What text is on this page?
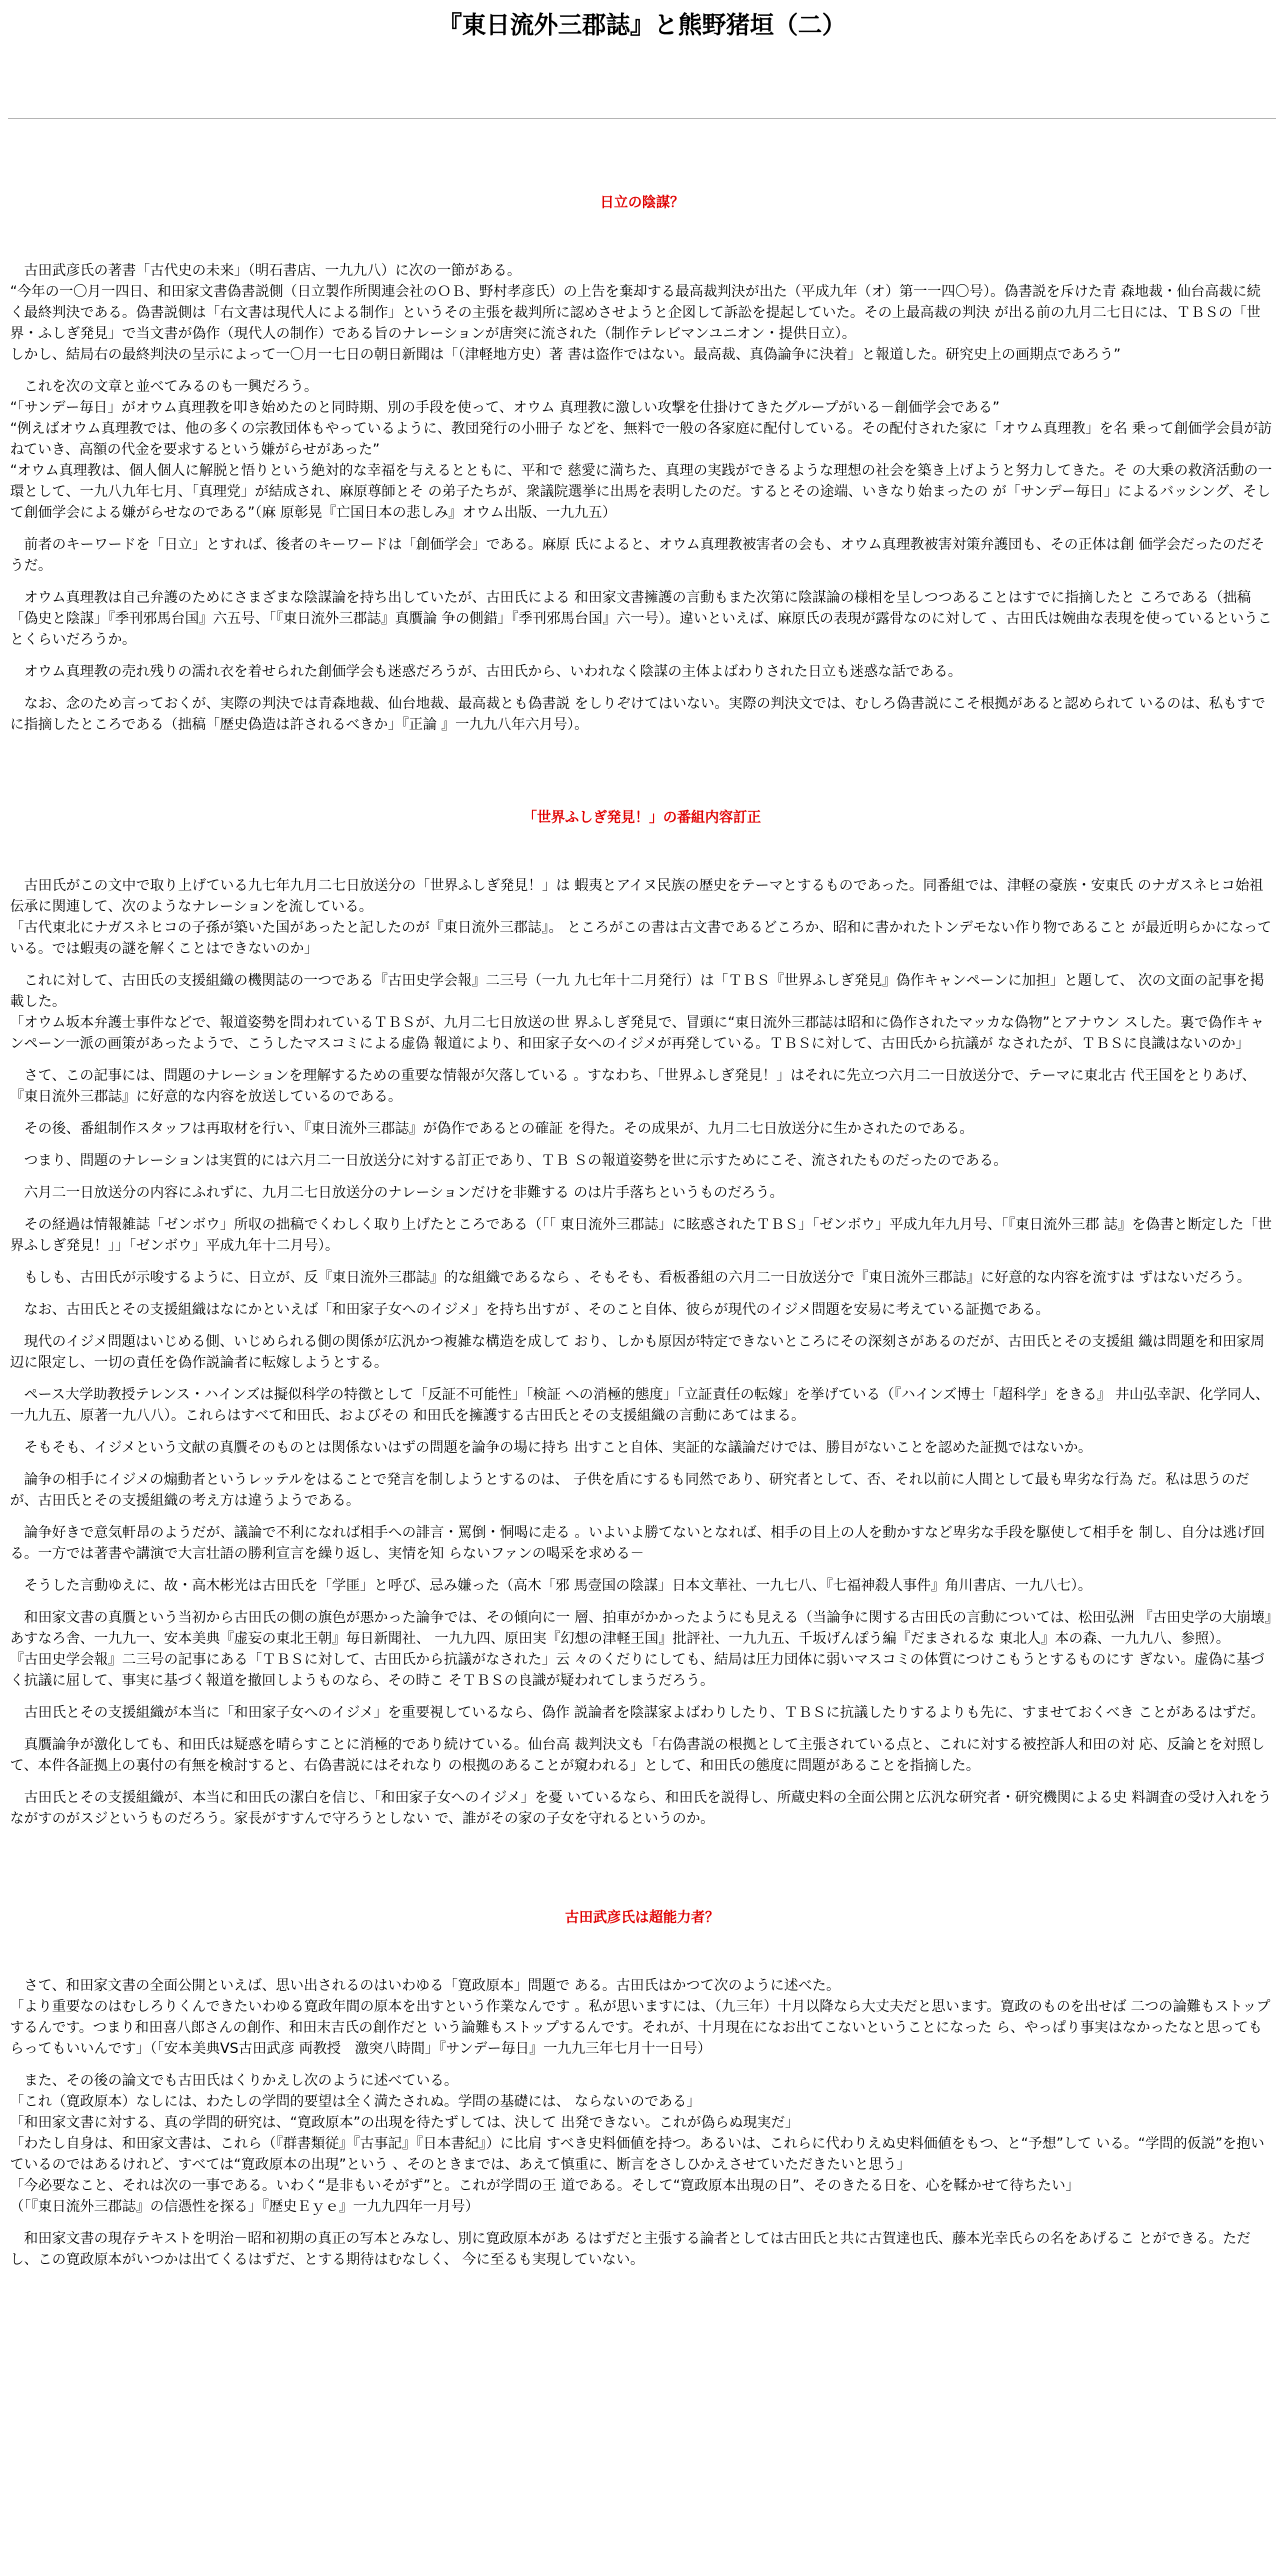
『東日流外三郡誌』と熊野猪垣（二）
日立の陰謀？

　古田武彦氏の著書「古代史の未来」（明石書店、一九九八）に次の一節がある。
“今年の一〇月一四日、和田家文書偽書説側（日立製作所関連会社のＯＢ、野村孝彦氏）の上告を棄却する最高裁判決が出た（平成九年（オ）第一一四〇号）。偽書説を斥けた青 森地裁・仙台高裁に続く最終判決である。偽書説側は「右文書は現代人による制作」というその主張を裁判所に認めさせようと企図して訴訟を提起していた。その上最高裁の判決 が出る前の九月二七日には、ＴＢＳの「世界・ふしぎ発見」で当文書が偽作（現代人の制作）である旨のナレーションが唐突に流された（制作テレビマンユニオン・提供日立）。
しかし、結局右の最終判決の呈示によって一〇月一七日の朝日新聞は「（津軽地方史）著 書は盗作ではない。最高裁、真偽論争に決着」と報道した。研究史上の画期点であろう”

　これを次の文章と並べてみるのも一興だろう。
“「サンデー毎日」がオウム真理教を叩き始めたのと同時期、別の手段を使って、オウム 真理教に激しい攻撃を仕掛けてきたグループがいる－創価学会である”
“例えばオウム真理教では、他の多くの宗教団体もやっているように、教団発行の小冊子 などを、無料で一般の各家庭に配付している。その配付された家に「オウム真理教」を名 乗って創価学会員が訪ねていき、高額の代金を要求するという嫌がらせがあった”
“オウム真理教は、個人個人に解脱と悟りという絶対的な幸福を与えるとともに、平和で 慈愛に満ちた、真理の実践ができるような理想の社会を築き上げようと努力してきた。そ の大乗の救済活動の一環として、一九八九年七月、「真理党」が結成され、麻原尊師とそ の弟子たちが、衆議院選挙に出馬を表明したのだ。するとその途端、いきなり始まったの が「サンデー毎日」によるバッシング、そして創価学会による嫌がらせなのである”（麻 原彰晃『亡国日本の悲しみ』オウム出版、一九九五）

　前者のキーワードを「日立」とすれば、後者のキーワードは「創価学会」である。麻原 氏によると、オウム真理教被害者の会も、オウム真理教被害対策弁護団も、その正体は創 価学会だったのだそうだ。

　オウム真理教は自己弁護のためにさまざまな陰謀論を持ち出していたが、古田氏による 和田家文書擁護の言動もまた次第に陰謀論の様相を呈しつつあることはすでに指摘したと ころである（拙稿「偽史と陰謀」『季刊邪馬台国』六五号、「『東日流外三郡誌』真贋論 争の側錯」『季刊邪馬台国』六一号）。違いといえば、麻原氏の表現が露骨なのに対して 、古田氏は婉曲な表現を使っているということくらいだろうか。

　オウム真理教の売れ残りの濡れ衣を着せられた創価学会も迷惑だろうが、古田氏から、いわれなく陰謀の主体よばわりされた日立も迷惑な話である。

　なお、念のため言っておくが、実際の判決では青森地裁、仙台地裁、最高裁とも偽書説 をしりぞけてはいない。実際の判決文では、むしろ偽書説にこそ根拠があると認められて いるのは、私もすでに指摘したところである（拙稿「歴史偽造は許されるべきか」『正論 』一九九八年六月号）。

「世界ふしぎ発見！」の番組内容訂正

　古田氏がこの文中で取り上げている九七年九月二七日放送分の「世界ふしぎ発見！」は 蝦夷とアイヌ民族の歴史をテーマとするものであった。同番組では、津軽の豪族・安東氏 のナガスネヒコ始祖伝承に関連して、次のようなナレーションを流している。
「古代東北にナガスネヒコの子孫が築いた国があったと記したのが『東日流外三郡誌』。 ところがこの書は古文書であるどころか、昭和に書かれたトンデモない作り物であること が最近明らかになっている。では蝦夷の謎を解くことはできないのか」

　これに対して、古田氏の支援組織の機関誌の一つである『古田史学会報』二三号（一九 九七年十二月発行）は「ＴＢＳ『世界ふしぎ発見』偽作キャンペーンに加担」と題して、 次の文面の記事を掲載した。
「オウム坂本弁護士事件などで、報道姿勢を問われているＴＢＳが、九月二七日放送の世 界ふしぎ発見で、冒頭に“東日流外三郡誌は昭和に偽作されたマッカな偽物”とアナウン スした。裏で偽作キャンペーン一派の画策があったようで、こうしたマスコミによる虚偽 報道により、和田家子女へのイジメが再発している。ＴＢＳに対して、古田氏から抗議が なされたが、ＴＢＳに良識はないのか」

　さて、この記事には、問題のナレーションを理解するための重要な情報が欠落している 。すなわち、「世界ふしぎ発見！」はそれに先立つ六月二一日放送分で、テーマに東北古 代王国をとりあげ、『東日流外三郡誌』に好意的な内容を放送しているのである。

　その後、番組制作スタッフは再取材を行い、『東日流外三郡誌』が偽作であるとの確証 を得た。その成果が、九月二七日放送分に生かされたのである。

　つまり、問題のナレーションは実質的には六月二一日放送分に対する訂正であり、ＴＢ Ｓの報道姿勢を世に示すためにこそ、流されたものだったのである。

　六月二一日放送分の内容にふれずに、九月二七日放送分のナレーションだけを非難する のは片手落ちというものだろう。

　その経過は情報雑誌「ゼンボウ」所収の拙稿でくわしく取り上げたところである（「「 東日流外三郡誌」に眩惑されたＴＢＳ」「ゼンボウ」平成九年九月号、「『東日流外三郡 誌』を偽書と断定した「世界ふしぎ発見！」」「ゼンボウ」平成九年十二月号）。

　もしも、古田氏が示唆するように、日立が、反『東日流外三郡誌』的な組織であるなら 、そもそも、看板番組の六月二一日放送分で『東日流外三郡誌』に好意的な内容を流すは ずはないだろう。

　なお、古田氏とその支援組織はなにかといえば「和田家子女へのイジメ」を持ち出すが 、そのこと自体、彼らが現代のイジメ問題を安易に考えている証拠である。

　現代のイジメ問題はいじめる側、いじめられる側の関係が広汎かつ複雑な構造を成して おり、しかも原因が特定できないところにその深刻さがあるのだが、古田氏とその支援組 織は問題を和田家周辺に限定し、一切の責任を偽作説論者に転嫁しようとする。

　ペース大学助教授テレンス・ハインズは擬似科学の特徴として「反証不可能性」「検証 への消極的態度」「立証責任の転嫁」を挙げている（『ハインズ博士「超科学」をきる』 井山弘幸訳、化学同人、一九九五、原著一九八八）。これらはすべて和田氏、およびその 和田氏を擁護する古田氏とその支援組織の言動にあてはまる。

　そもそも、イジメという文献の真贋そのものとは関係ないはずの問題を論争の場に持ち 出すこと自体、実証的な議論だけでは、勝目がないことを認めた証拠ではないか。

　論争の相手にイジメの煽動者というレッテルをはることで発言を制しようとするのは、 子供を盾にするも同然であり、研究者として、否、それ以前に人間として最も卑劣な行為 だ。私は思うのだが、古田氏とその支援組織の考え方は違うようである。

　論争好きで意気軒昂のようだが、議論で不利になれば相手への誹言・罵倒・恫喝に走る 。いよいよ勝てないとなれば、相手の目上の人を動かすなど卑劣な手段を駆使して相手を 制し、自分は逃げ回る。一方では著書や講演で大言壮語の勝利宣言を繰り返し、実情を知 らないファンの喝采を求める－

　そうした言動ゆえに、故・高木彬光は古田氏を「学匪」と呼び、忌み嫌った（高木「邪 馬壹国の陰謀」日本文華社、一九七八、『七福神殺人事件』角川書店、一九八七）。

　和田家文書の真贋という当初から古田氏の側の旗色が悪かった論争では、その傾向に一 層、拍車がかかったようにも見える（当論争に関する古田氏の言動については、松田弘洲 『古田史学の大崩壊』あすなろ舎、一九九一、安本美典『虚妄の東北王朝』毎日新聞社、 一九九四、原田実『幻想の津軽王国』批評社、一九九五、千坂げんぽう編『だまされるな 東北人』本の森、一九九八、参照）。
『古田史学会報』二三号の記事にある「ＴＢＳに対して、古田氏から抗議がなされた」云 々のくだりにしても、結局は圧力団体に弱いマスコミの体質につけこもうとするものにす ぎない。虚偽に基づく抗議に屈して、事実に基づく報道を撤回しようものなら、その時こ そＴＢＳの良識が疑われてしまうだろう。

　古田氏とその支援組織が本当に「和田家子女へのイジメ」を重要視しているなら、偽作 説論者を陰謀家よばわりしたり、ＴＢＳに抗議したりするよりも先に、すませておくべき ことがあるはずだ。

　真贋論争が激化しても、和田氏は疑惑を晴らすことに消極的であり続けている。仙台高 裁判決文も「右偽書説の根拠として主張されている点と、これに対する被控訴人和田の対 応、反論とを対照して、本件各証拠上の裏付の有無を検討すると、右偽書説にはそれなり の根拠のあることが窺われる」として、和田氏の態度に問題があることを指摘した。

　古田氏とその支援組織が、本当に和田氏の潔白を信じ、「和田家子女へのイジメ」を憂 いているなら、和田氏を説得し、所蔵史料の全面公開と広汎な研究者・研究機関による史 料調査の受け入れをうながすのがスジというものだろう。家長がすすんで守ろうとしない で、誰がその家の子女を守れるというのか。

古田武彦氏は超能力者？

　さて、和田家文書の全面公開といえば、思い出されるのはいわゆる「寛政原本」問題で ある。古田氏はかつて次のように述べた。
「より重要なのはむしろりくんできたいわゆる寛政年間の原本を出すという作業なんです 。私が思いますには、（九三年）十月以降なら大丈夫だと思います。寛政のものを出せば 二つの論難もストップするんです。つまり和田喜八郎さんの創作、和田末吉氏の創作だと いう論難もストップするんです。それが、十月現在になお出てこないということになった ら、やっぱり事実はなかったなと思ってもらってもいいんです」（「安本美典VS古田武彦 両教授　激突八時間」『サンデー毎日』一九九三年七月十一日号）

　また、その後の論文でも古田氏はくりかえし次のように述べている。
「これ（寛政原本）なしには、わたしの学問的要望は全く満たされぬ。学問の基礎には、 ならないのである」
「和田家文書に対する、真の学問的研究は、“寛政原本”の出現を待たずしては、決して 出発できない。これが偽らぬ現実だ」
「わたし自身は、和田家文書は、これら（『群書類従』『古事記』『日本書紀』）に比肩 すべき史料価値を持つ。あるいは、これらに代わりえぬ史料価値をもつ、と“予想”して いる。“学問的仮説”を抱いているのではあるけれど、すべては“寛政原本の出現”という 、そのときまでは、あえて慎重に、断言をさしひかえさせていただきたいと思う」
「今必要なこと、それは次の一事である。いわく“是非もいそがず”と。これが学問の王 道である。そして“寛政原本出現の日”、そのきたる日を、心を鞣かせて待ちたい」
（「『東日流外三郡誌』の信憑性を探る」『歴史Ｅｙｅ』一九九四年一月号）

　和田家文書の現存テキストを明治－昭和初期の真正の写本とみなし、別に寛政原本があ るはずだと主張する論者としては古田氏と共に古賀達也氏、藤本光幸氏らの名をあげるこ とができる。ただし、この寛政原本がいつかは出てくるはずだ、とする期待はむなしく、 今に至るも実現していない。
